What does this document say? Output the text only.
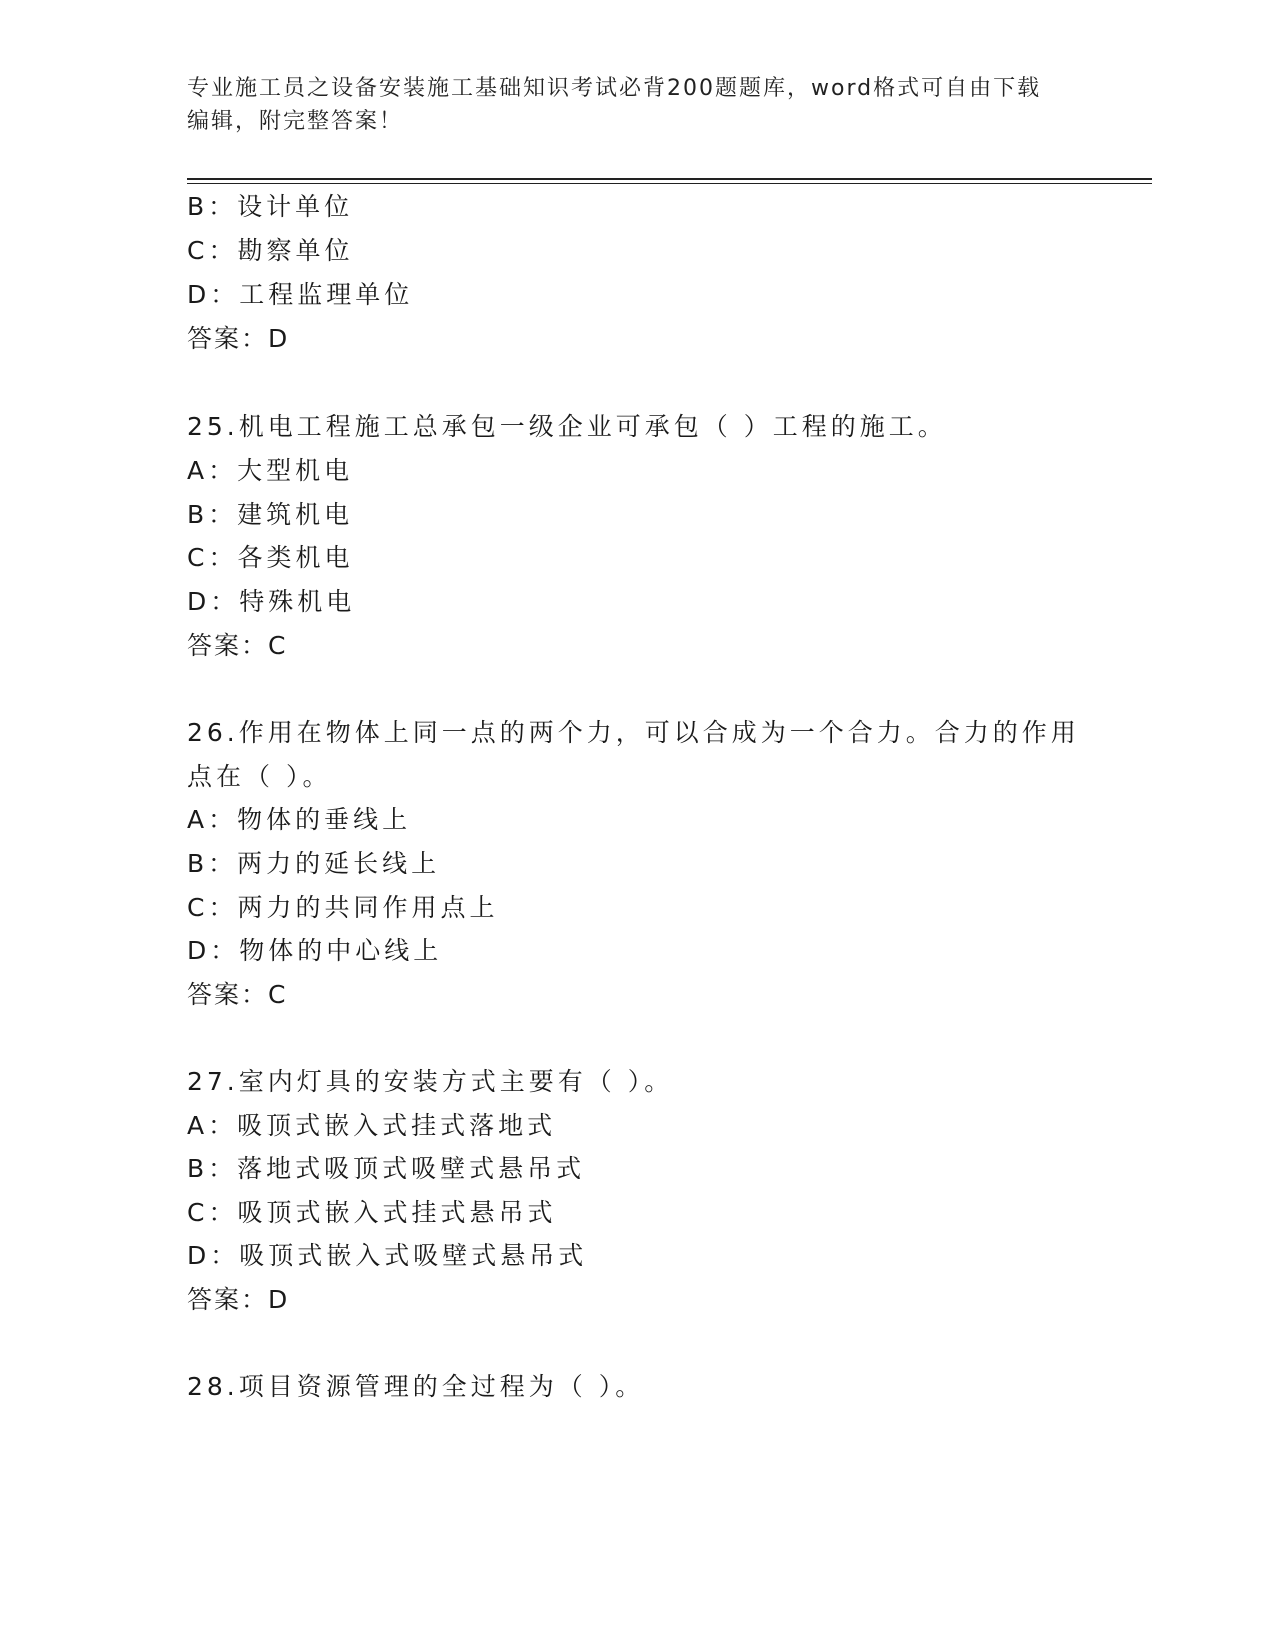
专业施工员之设备安装施工基础知识考试必背200题题库，word格式可自由下载
编辑，附完整答案！
B：设计单位
C：勘察单位
D：工程监理单位
答案：D
25.机电工程施工总承包一级企业可承包（ ）工程的施工。
A：大型机电
B：建筑机电
C：各类机电
D：特殊机电
答案：C
26.作用在物体上同一点的两个力，可以合成为一个合力。合力的作用
点在（ ）。
A：物体的垂线上
B：两力的延长线上
C：两力的共同作用点上
D：物体的中心线上
答案：C
27.室内灯具的安装方式主要有（ ）。
A：吸顶式嵌入式挂式落地式
B：落地式吸顶式吸壁式悬吊式
C：吸顶式嵌入式挂式悬吊式
D：吸顶式嵌入式吸壁式悬吊式
答案：D
28.项目资源管理的全过程为（ ）。
